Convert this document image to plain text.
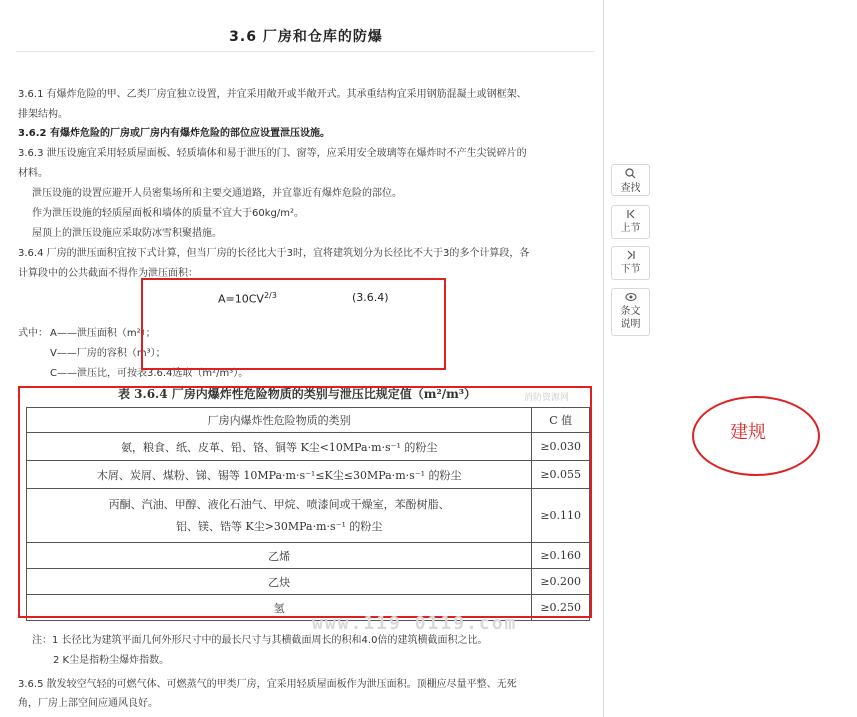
3.6 厂房和仓库的防爆
3.6.1 有爆炸危险的甲、乙类厂房宜独立设置，并宜采用敞开或半敞开式。其承重结构宜采用钢筋混凝土或钢框架、
排架结构。
3.6.2 有爆炸危险的厂房或厂房内有爆炸危险的部位应设置泄压设施。
3.6.3 泄压设施宜采用轻质屋面板、轻质墙体和易于泄压的门、窗等，应采用安全玻璃等在爆炸时不产生尖锐碎片的
材料。
泄压设施的设置应避开人员密集场所和主要交通道路，并宜靠近有爆炸危险的部位。
作为泄压设施的轻质屋面板和墙体的质量不宜大于60kg/m²。
屋顶上的泄压设施应采取防冰雪积聚措施。
3.6.4 厂房的泄压面积宜按下式计算，但当厂房的长径比大于3时，宜将建筑划分为长径比不大于3的多个计算段，各
计算段中的公共截面不得作为泄压面积：
$A=10CV^{2/3}$	(3.6.4)
式中： A——泄压面积（m²）；
V——厂房的容积（m³）；
C——泄压比，可按表3.6.4选取（m²/m³）。
表 3.6.4 厂房内爆炸性危险物质的类别与泄压比规定值（m²/m³）	消防资源网
厂房内爆炸性危险物质的类别	C 值
氨，粮食、纸、皮革、铅、铬、铜等 K尘<10MPa·m·s⁻¹ 的粉尘	≥0.030
木屑、炭屑、煤粉、锑、锡等 10MPa·m·s⁻¹≤K尘≤30MPa·m·s⁻¹ 的粉尘	≥0.055

丙酮、汽油、甲醇、液化石油气、甲烷、喷漆间或干燥室，苯酚树脂、
铝、镁、锆等 K尘>30MPa·m·s⁻¹ 的粉尘	≥0.110
乙烯	≥0.160
乙炔	≥0.200
氢	≥0.250
www.119 0119.com
注：1 长径比为建筑平面几何外形尺寸中的最长尺寸与其横截面周长的积和4.0倍的建筑横截面积之比。
2 K尘是指粉尘爆炸指数。
3.6.5 散发较空气轻的可燃气体、可燃蒸气的甲类厂房，宜采用轻质屋面板作为泄压面积。顶棚应尽量平整、无死
角，厂房上部空间应通风良好。
查找
上节
下节
条文
说明
建规
